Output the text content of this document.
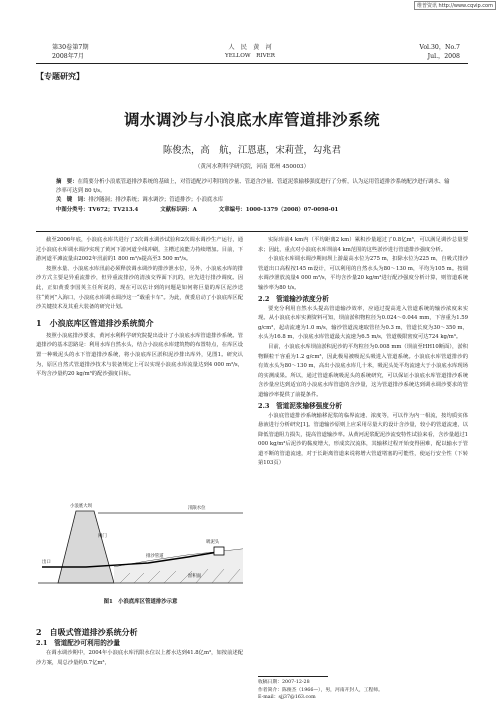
维普资讯 http://www.cqvip.com
第30卷第7期
2008年7月
人　民　黄　河
YELLOW　RIVER
Vol.30，No.7
Jul.，2008
【专题研究】
调水调沙与小浪底水库管道排沙系统
陈俊杰，高　航，江恩惠，宋莉萱，勾兆君
（黄河水利科学研究院，河南 郑州 450003）
摘　要：在简要分析小浪底管道排沙系统的基础上，对管道配沙可利用的沙量、管道含沙量、管道泥浆输移强度进行了分析，认为运用管道排沙系统配沙进行调水、输沙率可达到 80 t/s。
关　键　词：排沙隧洞；排沙系统；调水调沙；管道排沙；小浪底水库
中图分类号：TV672；TV213.4	文献标识码：A	文章编号：1000-1379（2008）07-0098-01

截至2006年底，小浪底水库共进行了3次调水调沙试验和2次调水调沙生产运行，通过小浪底水库调水调沙实现了黄河下游河道全线冲刷，主槽过流能力持续增加。目前，下游河道平滩流量由2002年汛前的1 800 m³/s提高至3 500 m³/s。

按照水量、小浪底水库汛前必须释放调水调沙的排沙泄水位，另外，小浪底水库的排沙方式主要是异重流排沙，但异重流排沙的清浊交界面下沉的，应先进行排沙调度。因此，正如黄委李国英主任所说的，现在可以估计到的问题是如何将巨量的库区泥沙送往“黄河”入海口，小浪底水库调水调沙这一“载重卡车”。为此，黄委启动了小浪底库区配沙关键技术及其重大装备的研究计划。

1　小浪底库区管道排沙系统简介

按照小浪底排沙要求，黄河水利科学研究院提出设计了小浪底水库管道排沙系统。管道排沙的基本思路是：利用水库自然水头，结合小浪底水库建筑物的布置特点，在库区设置一种吸泥头的水下管道排沙系统，将小浪底库区淤积泥沙排出库外，见图1。研究认为，原区自然式管道排沙技术与装备规定上可以实现小浪底水库流量达到4 000 m³/s，平均含沙量约20 kg/m³的配沙强度目标。

小浪底大坝	汛限水位
出口
排沙管道
吸泥头
淤积面
闸门
图1　小浪底库区管道排沙示意
2　自吸式管道排沙系统分析
2.1　管道配沙可利用的沙量

在调水调沙期中，2004年小浪底水库汛限水位以上蓄水达到41.8亿m³，如按前述配沙方案，周总沙量约0.7亿m³，

实际库前4 km内（平均距离2 km）累积沙量超过了0.8亿m³，可以满足调沙总量要求；因此，重点对小浪底水库坝前4 km范围的这些淤沙进行管道排沙强度分析。

小浪底水库调水调沙期间坝上游最高水位为275 m，扣除水位为225 m，自吸式排沙管道出口高程按145 m设计，可以利用的自然水头为80～130 m，平均为105 m。按调水调沙泄放流量4 000 m³/s，平均含沙量20 kg/m³进行配沙强度分析计算，则管道系统输沙率为80 t/s。

2.2　管道输沙浓度分析

要充分利用自然水头提高管道输沙效率，应通过提高进入管道系统的输沙浓度来实现。从小浪底水库实测资料可知，坝前淤积物粒径为0.024～0.044 mm，下容重为1.59 g/cm³，起动流速为1.0 m/s，输沙管道流速取管径为0.3 m，管道长度为30～350 m，水头为16.8 m，小浪底水库管道最大流速为6.5 m/s，管道极限密度可达724 kg/m³。

目前，小浪底水库坝前淤积泥沙的平均粒径为0.008 mm（坝前至HH10断面），淤积物颗粒干容重为1.2 g/cm³，因此极易被吸泥头吸进入管道系统。小浪底水库管道排沙的有效水头为80～130 m，高出小浪底水库几十米，吸泥头处平均流速大于小浪底水库现场的实测成果。所以，通过管道系统吸泥头的系统研究，可以保证小浪底水库管道排沙系统含沙量应达到适宜的小浪底水库管道的含沙量，这为管道排沙系统达到调水调沙要求的管道输沙率提供了前提条件。

2.3　管道泥浆输移强度分析

小浪底管道排沙系统输移泥浆的临界流速、浓度等，可以作为内一相流，按均质实体悬液进行分析研究[1]。管道输沙原则上应采用尽量大的设计含沙量，较小的管道流速，以降低管道阻力损失，提高管道输沙率。从黄河泥浆配泥沙流变特性试验来看，含沙量超过1 000 kg/m³后泥沙的黏度增大，形成宾汉流体，其输移过程开始变得困难，配以输水于管道不断的管道流速，对于长距离管道来说将增大管道堵塞的可能性，使运行安全性（下转第103页）

收稿日期：2007-12-28
作者简介：陈俊杰（1966—），男，河南开封人，工程师。
E-mail：sjj37@163.com
